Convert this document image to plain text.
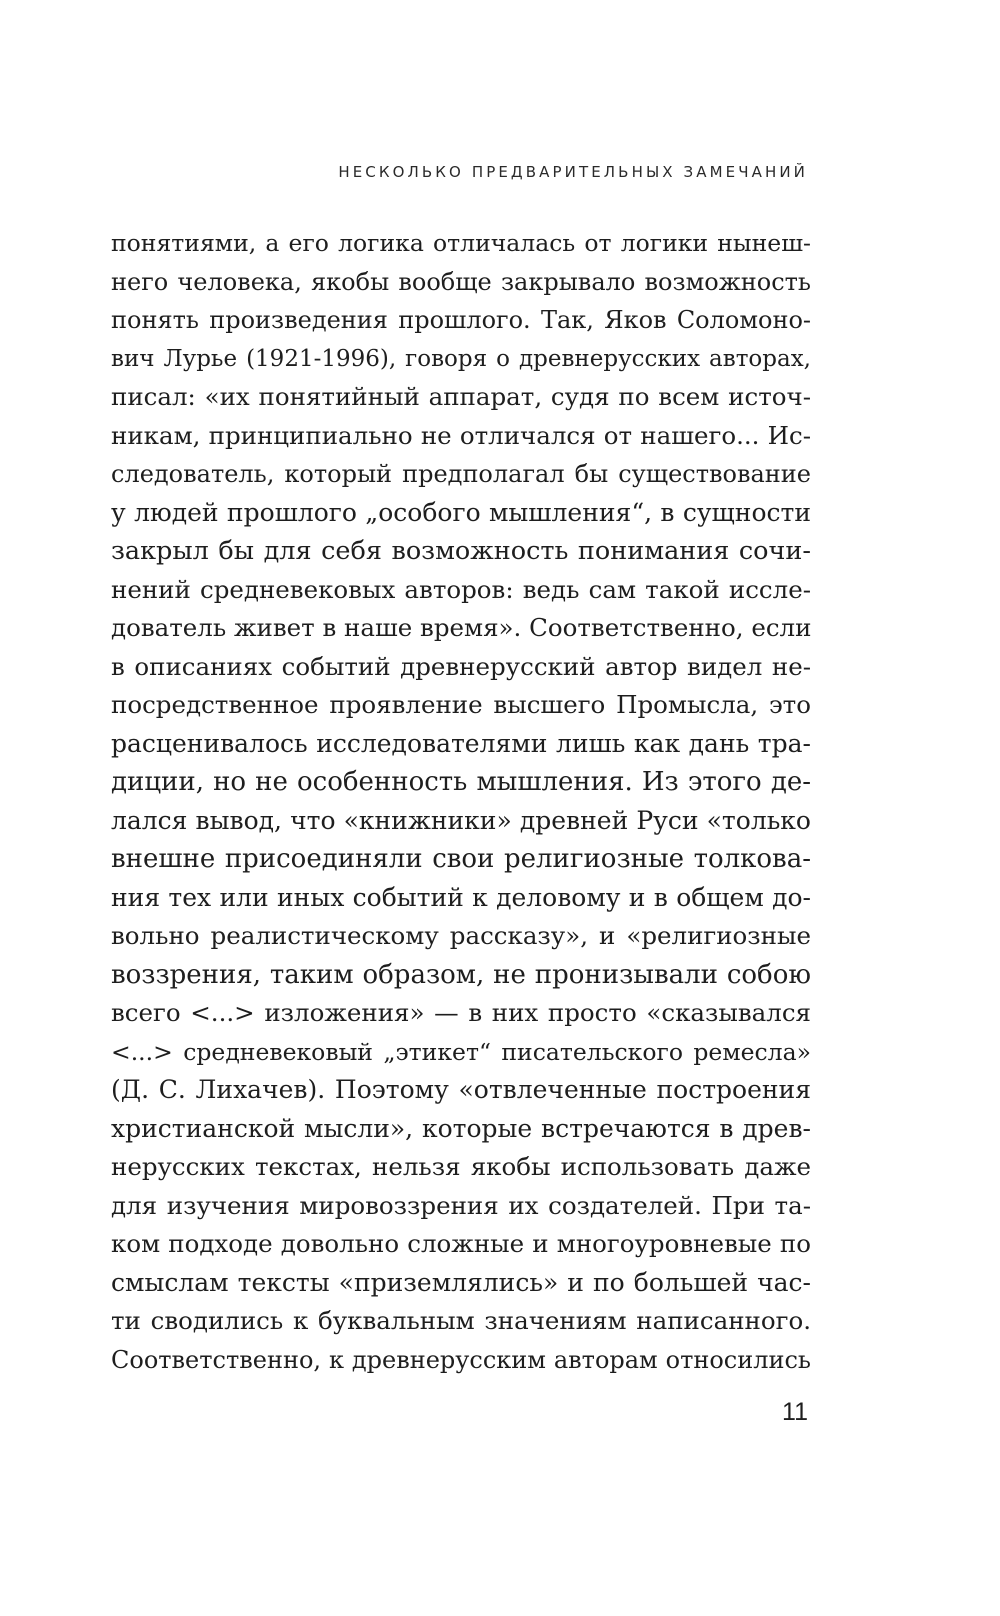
НЕСКОЛЬКО ПРЕДВАРИТЕЛЬНЫХ ЗАМЕЧАНИЙ
понятиями, а его логика отличалась от логики нынеш-
него человека, якобы вообще закрывало возможность
понять произведения прошлого. Так, Яков Соломоно-
вич Лурье (1921-1996), говоря о древнерусских авторах,
писал: «их понятийный аппарат, судя по всем источ-
никам, принципиально не отличался от нашего... Ис-
следователь, который предполагал бы существование
у людей прошлого „особого мышления“, в сущности
закрыл бы для себя возможность понимания сочи-
нений средневековых авторов: ведь сам такой иссле-
дователь живет в наше время». Соответственно, если
в описаниях событий древнерусский автор видел не-
посредственное проявление высшего Промысла, это
расценивалось исследователями лишь как дань тра-
диции, но не особенность мышления. Из этого де-
лался вывод, что «книжники» древней Руси «только
внешне присоединяли свои религиозные толкова-
ния тех или иных событий к деловому и в общем до-
вольно реалистическому рассказу», и «религиозные
воззрения, таким образом, не пронизывали собою
всего <...> изложения» — в них просто «сказывался
<...> средневековый „этикет“ писательского ремесла»
(Д. С. Лихачев). Поэтому «отвлеченные построения
христианской мысли», которые встречаются в древ-
нерусских текстах, нельзя якобы использовать даже
для изучения мировоззрения их создателей. При та-
ком подходе довольно сложные и многоуровневые по
смыслам тексты «приземлялись» и по большей час-
ти сводились к буквальным значениям написанного.
Соответственно, к древнерусским авторам относились
11
